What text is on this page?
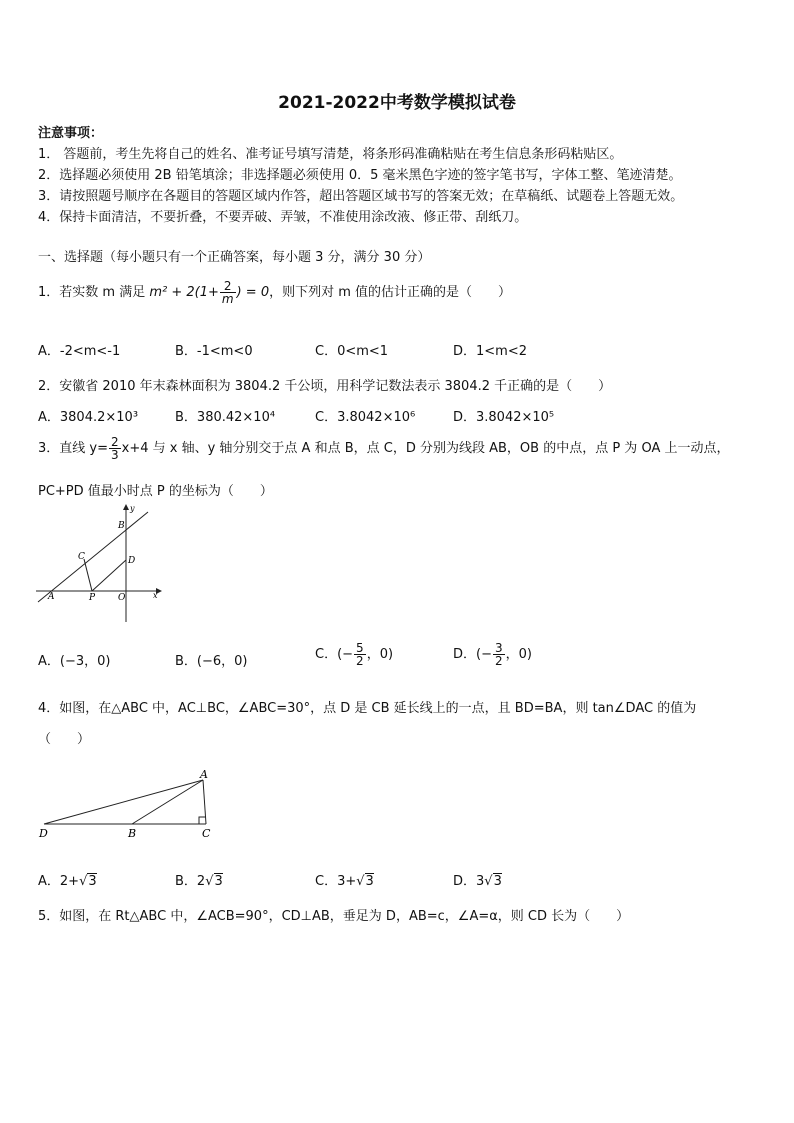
2021-2022中考数学模拟试卷
注意事项：
1． 答题前，考生先将自己的姓名、准考证号填写清楚，将条形码准确粘贴在考生信息条形码粘贴区。
2．选择题必须使用 2B 铅笔填涂；非选择题必须使用 0．5 毫米黑色字迹的签字笔书写，字体工整、笔迹清楚。
3．请按照题号顺序在各题目的答题区域内作答，超出答题区域书写的答案无效；在草稿纸、试题卷上答题无效。
4．保持卡面清洁，不要折叠，不要弄破、弄皱，不准使用涂改液、修正带、刮纸刀。
一、选择题（每小题只有一个正确答案，每小题 3 分，满分 30 分）
1．若实数 m 满足 $m^2 + 2(1+ \frac{2}{m}$ ) = 0，则下列对 m 值的估计正确的是（　　）
A．-2<m<-1	B．-1<m<0	C．0<m<1	D．1<m<2
2．安徽省 2010 年末森林面积为 3804.2 千公顷，用科学记数法表示 3804.2 千正确的是（　　）
A．3804.2×10³	B．380.42×10⁴	C．3.8042×10⁶	D．3.8042×10⁵
3．直线 $y= \frac{2}{3} x+4$ 与 x 轴、y 轴分别交于点 A 和点 B，点 C，D 分别为线段 AB，OB 的中点，点 P 为 OA 上一动点，
PC+PD 值最小时点 P 的坐标为（　　）
A
B
C	D
P	O	x
y
A．(−3，0)	B．(−6，0)	C．(− $\frac{5}{2}$ ，0)	D．(− $\frac{3}{2}$ ，0)
4．如图，在△ABC 中，AC⊥BC，∠ABC=30°，点 D 是 CB 延长线上的一点，且 BD=BA，则 tan∠DAC 的值为
（　　）
A
B	C
D
A．2+√3	B．2√3	C．3+√3	D．3√3
5．如图，在 Rt△ABC 中，∠ACB=90°，CD⊥AB，垂足为 D，AB=c，∠A=α，则 CD 长为（　　）
